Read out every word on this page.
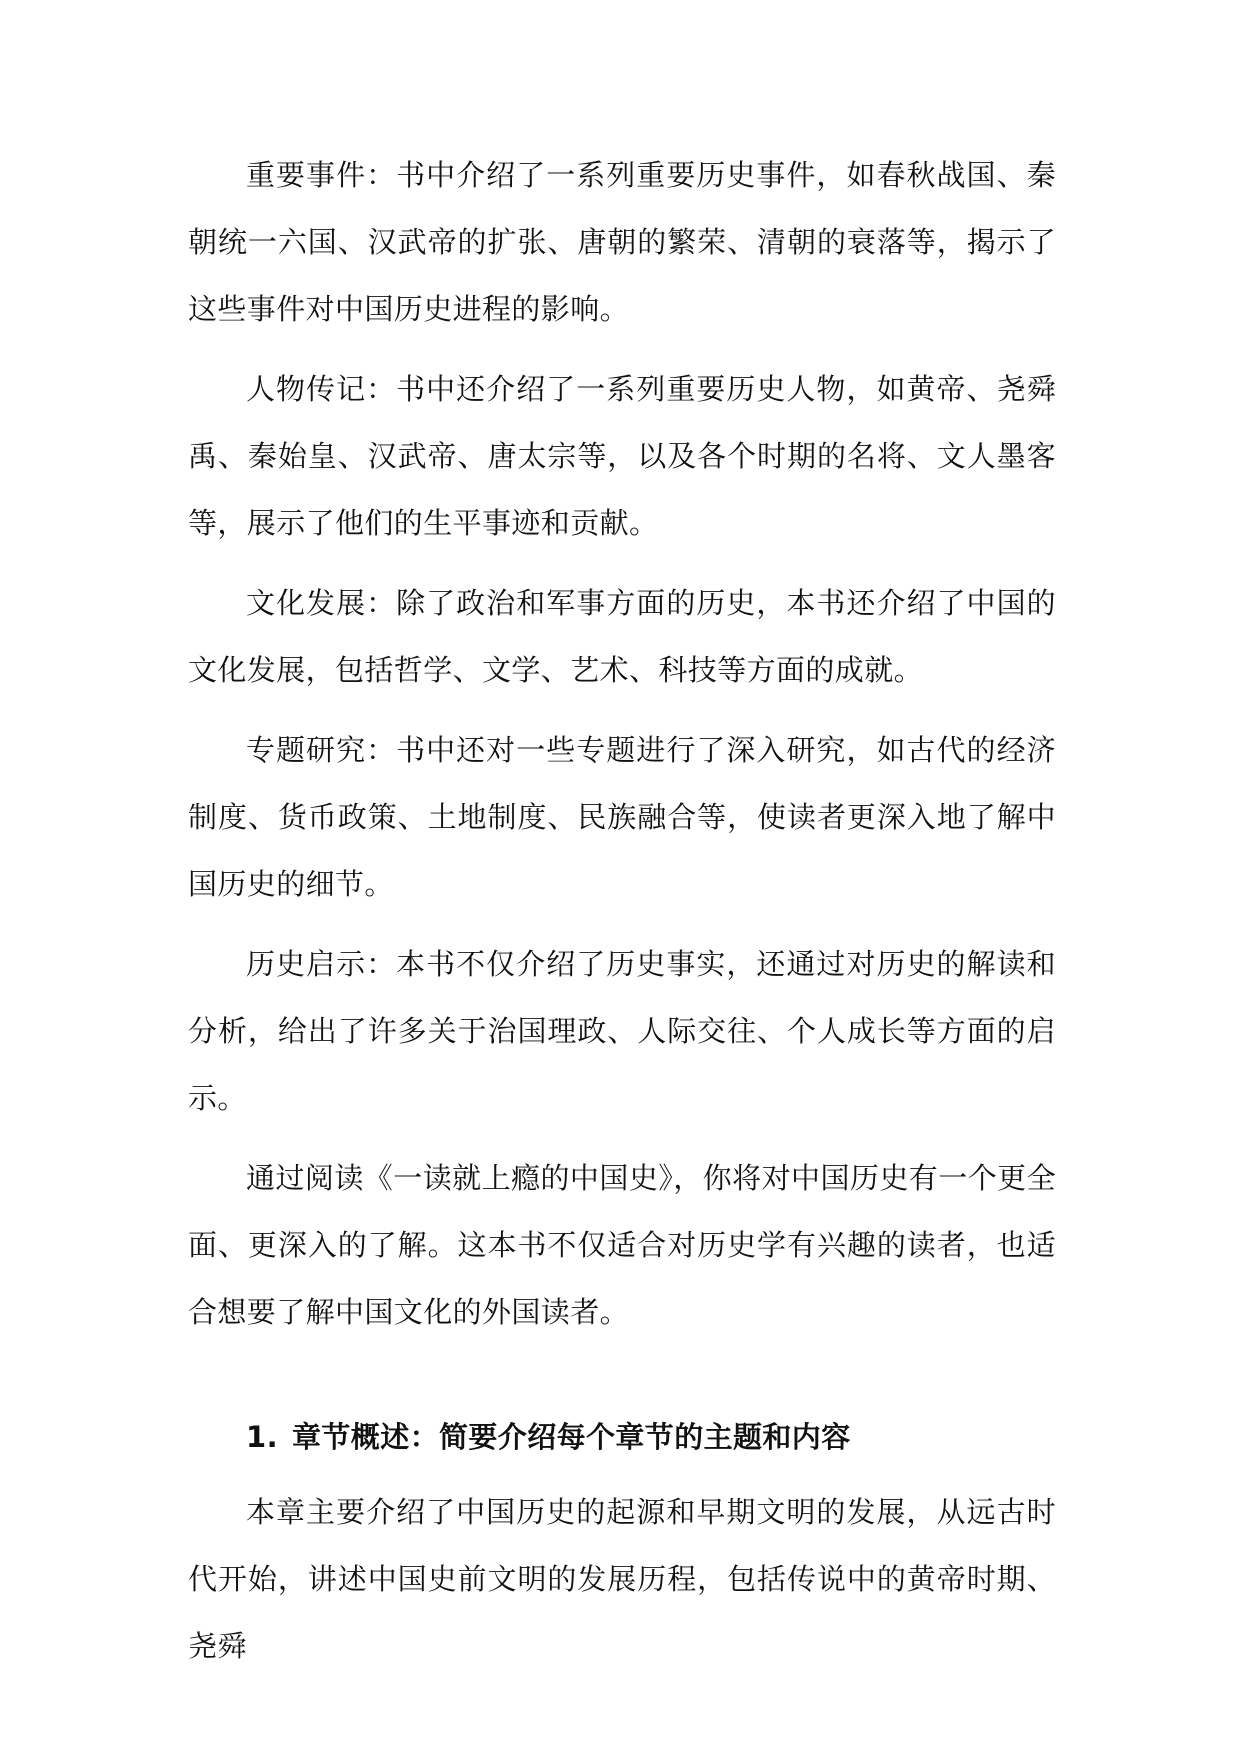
重要事件：书中介绍了一系列重要历史事件，如春秋战国、秦朝统一六国、汉武帝的扩张、唐朝的繁荣、清朝的衰落等，揭示了这些事件对中国历史进程的影响。

人物传记：书中还介绍了一系列重要历史人物，如黄帝、尧舜禹、秦始皇、汉武帝、唐太宗等，以及各个时期的名将、文人墨客等，展示了他们的生平事迹和贡献。

文化发展：除了政治和军事方面的历史，本书还介绍了中国的文化发展，包括哲学、文学、艺术、科技等方面的成就。

专题研究：书中还对一些专题进行了深入研究，如古代的经济制度、货币政策、土地制度、民族融合等，使读者更深入地了解中国历史的细节。

历史启示：本书不仅介绍了历史事实，还通过对历史的解读和分析，给出了许多关于治国理政、人际交往、个人成长等方面的启示。

通过阅读《一读就上瘾的中国史》，你将对中国历史有一个更全面、更深入的了解。这本书不仅适合对历史学有兴趣的读者，也适合想要了解中国文化的外国读者。

1. 章节概述：简要介绍每个章节的主题和内容

本章主要介绍了中国历史的起源和早期文明的发展，从远古时代开始，讲述中国史前文明的发展历程，包括传说中的黄帝时期、尧舜
